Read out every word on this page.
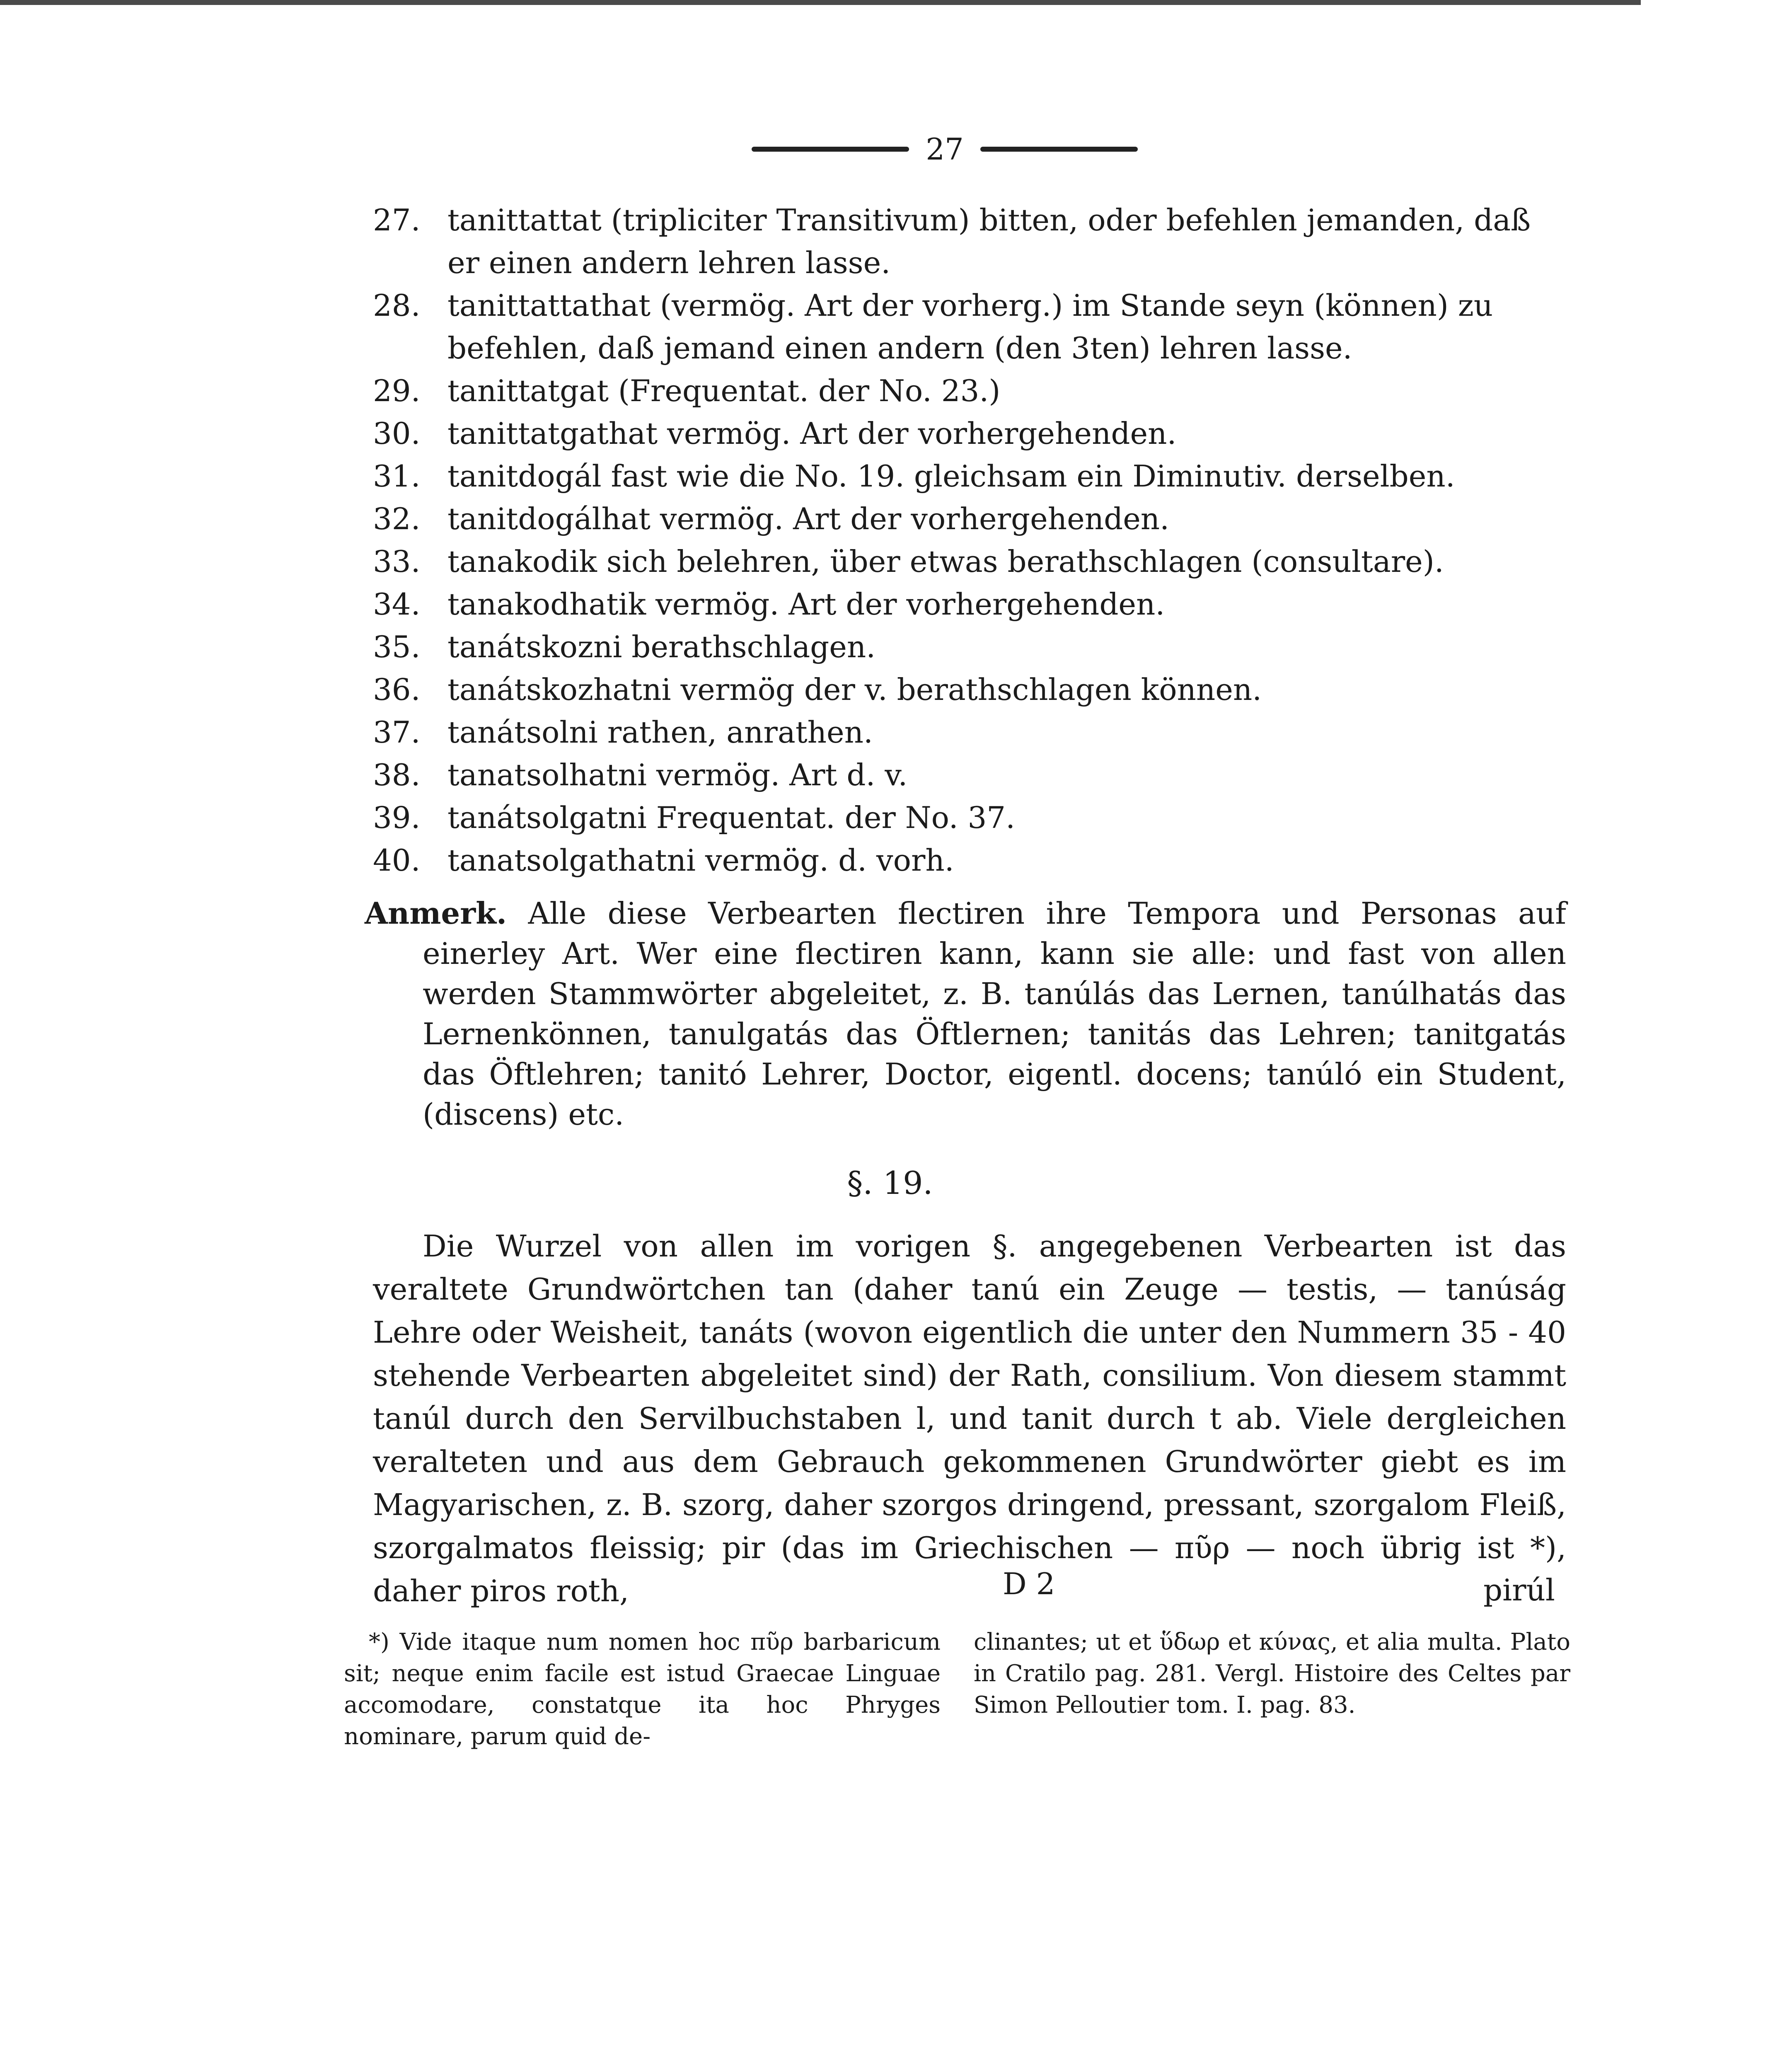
27
27. tanittattat (tripliciter Transitivum) bitten, oder befehlen jemanden, daß er einen andern lehren lasse.
28. tanittattathat (vermög. Art der vorherg.) im Stande seyn (können) zu befehlen, daß jemand einen andern (den 3ten) lehren lasse.
29. tanittatgat (Frequentat. der No. 23.)
30. tanittatgathat vermög. Art der vorhergehenden.
31. tanitdogál fast wie die No. 19. gleichsam ein Diminutiv. derselben.
32. tanitdogálhat vermög. Art der vorhergehenden.
33. tanakodik sich belehren, über etwas berathschlagen (consultare).
34. tanakodhatik vermög. Art der vorhergehenden.
35. tanátskozni berathschlagen.
36. tanátskozhatni vermög der v. berathschlagen können.
37. tanátsolni rathen, anrathen.
38. tanatsolhatni vermög. Art d. v.
39. tanátsolgatni Frequentat. der No. 37.
40. tanatsolgathatni vermög. d. vorh.
Anmerk. Alle diese Verbearten flectiren ihre Tempora und Personas auf einerley Art. Wer eine flectiren kann, kann sie alle: und fast von allen werden Stammwörter abgeleitet, z. B. tanúlás das Lernen, tanúlhatás das Lernenkönnen, tanulgatás das Öftlernen; tanitás das Lehren; tanitgatás das Öftlehren; tanitó Lehrer, Doctor, eigentl. docens; tanúló ein Student, (discens) etc.
§. 19.
Die Wurzel von allen im vorigen §. angegebenen Verbearten ist das veraltete Grundwörtchen tan (daher tanú ein Zeuge — testis, — tanúság Lehre oder Weisheit, tanáts (wovon eigentlich die unter den Nummern 35 - 40 stehende Verbearten abgeleitet sind) der Rath, consilium. Von diesem stammt tanúl durch den Servilbuchstaben l, und tanit durch t ab. Viele dergleichen veralteten und aus dem Gebrauch gekommenen Grundwörter giebt es im Magyarischen, z. B. szorg, daher szorgos dringend, pressant, szorgalom Fleiß, szorgalmatos fleissig; pir (das im Griechischen — πῦρ — noch übrig ist *), daher piros roth,	D 2	pirúl
*) Vide itaque num nomen hoc πῦρ barbaricum sit; neque enim facile est istud Graecae Linguae accomodare, constatque ita hoc Phryges nominare, parum quid de-
clinantes; ut et ὕδωρ et κύνας, et alia multa. Plato in Cratilo pag. 281. Vergl. Histoire des Celtes par Simon Pelloutier tom. I. pag. 83.
